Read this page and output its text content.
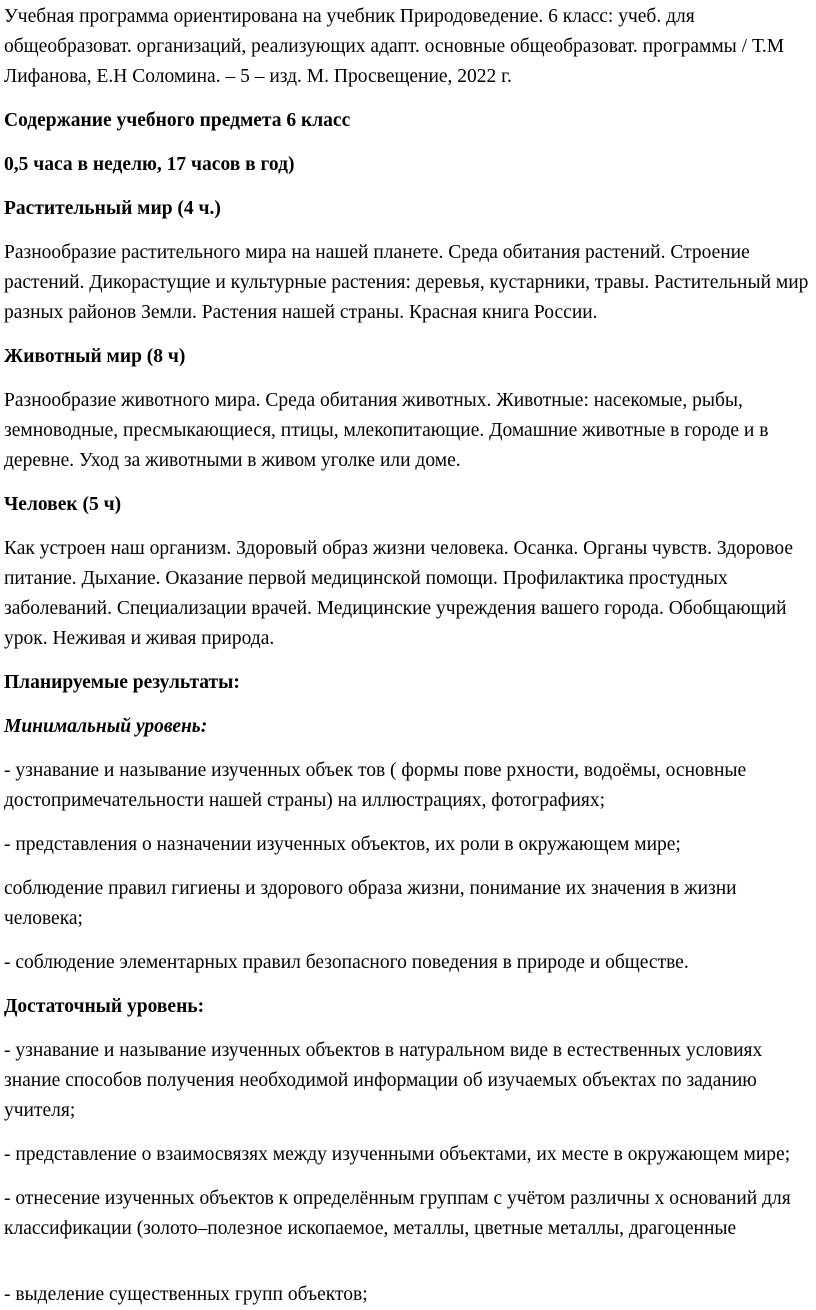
Учебная программа ориентирована на учебник Природоведение. 6 класс: учеб. для общеобразоват. организаций, реализующих адапт. основные общеобразоват. программы / Т.М Лифанова, Е.Н Соломина. – 5 – изд. М. Просвещение, 2022 г.

Содержание учебного предмета 6 класс

0,5 часа в неделю, 17 часов в год)

Растительный мир (4 ч.)

Разнообразие растительного мира на нашей планете. Среда обитания растений. Строение растений. Дикорастущие и культурные растения: деревья, кустарники, травы. Растительный мир разных районов Земли. Растения нашей страны. Красная книга России.

Животный мир (8 ч)

Разнообразие животного мира. Среда обитания животных. Животные: насекомые, рыбы, земноводные, пресмыкающиеся, птицы, млекопитающие. Домашние животные в городе и в деревне. Уход за животными в живом уголке или доме.

Человек (5 ч)

Как устроен наш организм. Здоровый образ жизни человека. Осанка. Органы чувств. Здоровое питание. Дыхание. Оказание первой медицинской помощи. Профилактика простудных заболеваний. Специализации врачей. Медицинские учреждения вашего города. Обобщающий урок. Неживая и живая природа.

Планируемые результаты:

Минимальный уровень:

- узнавание и называние изученных объек тов ( формы пове рхности, водоёмы, основные достопримечательности нашей страны) на иллюстрациях, фотографиях;

- представления о назначении изученных объектов, их роли в окружающем мире;

соблюдение правил гигиены и здорового образа жизни, понимание их значения в жизни человека;

- соблюдение элементарных правил безопасного поведения в природе и обществе.

Достаточный уровень:

- узнавание и называние изученных объектов в натуральном виде в естественных условиях знание способов получения необходимой информации об изучаемых объектах по заданию учителя;

- представление о взаимосвязях между изученными объектами, их месте в окружающем мире;

- отнесение изученных объектов к определённым группам с учётом различны х оснований для классификации (золото–полезное ископаемое, металлы, цветные металлы, драгоценные

- выделение существенных групп объектов;
